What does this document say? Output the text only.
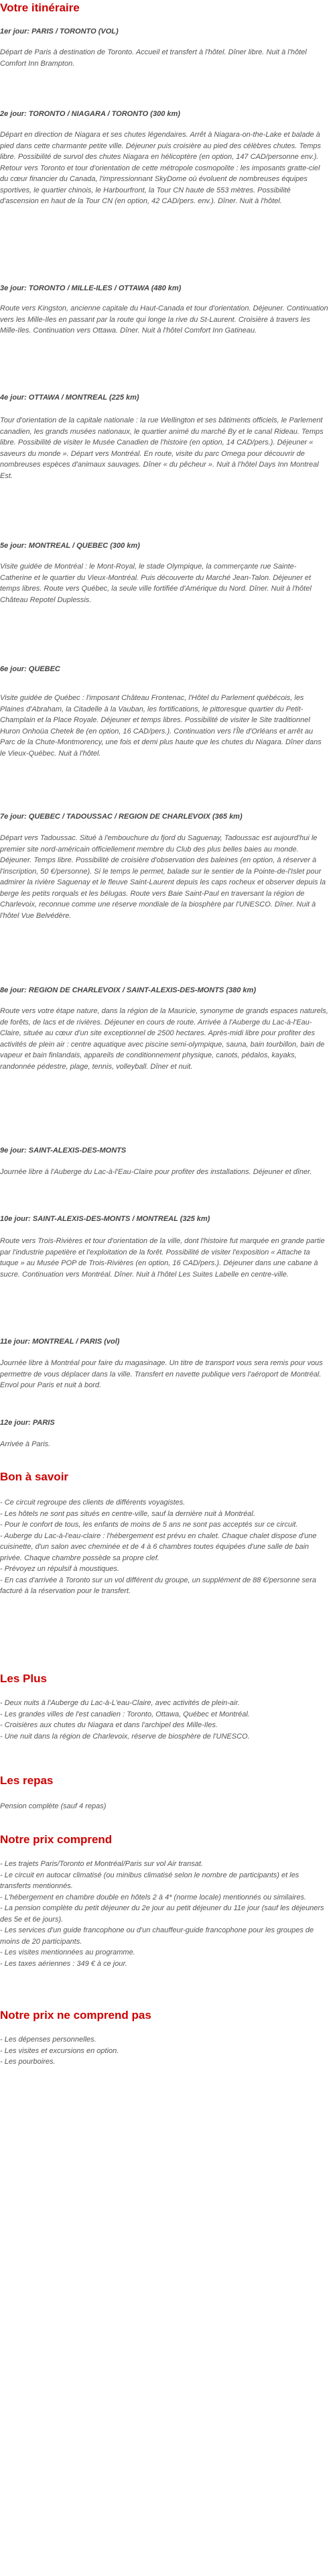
Votre itinéraire
1er jour: PARIS / TORONTO (VOL)

Départ de Paris à destination de Toronto. Accueil et transfert à l'hôtel. Dîner libre. Nuit à l'hôtel Comfort Inn Brampton.

2e jour: TORONTO / NIAGARA / TORONTO (300 km)

Départ en direction de Niagara et ses chutes légendaires. Arrêt à Niagara-on-the-Lake et balade à pied dans cette charmante petite ville. Déjeuner puis croisière au pied des célèbres chutes. Temps libre. Possibilité de survol des chutes Niagara en hélicoptère (en option, 147 CAD/personne env.). Retour vers Toronto et tour d'orientation de cette métropole cosmopolite : les imposants gratte-ciel du cœur financier du Canada, l'impressionnant SkyDome où évoluent de nombreuses équipes sportives, le quartier chinois, le Harbourfront, la Tour CN haute de 553 mètres. Possibilité d'ascension en haut de la Tour CN (en option, 42 CAD/pers. env.). Dîner. Nuit à l'hôtel.

3e jour: TORONTO / MILLE-ILES / OTTAWA (480 km)

Route vers Kingston, ancienne capitale du Haut-Canada et tour d'orientation. Déjeuner. Continuation vers les Mille-Iles en passant par la route qui longe la rive du St-Laurent. Croisière à travers les Mille-Iles. Continuation vers Ottawa. Dîner. Nuit à l'hôtel Comfort Inn Gatineau.

4e jour: OTTAWA / MONTREAL (225 km)

Tour d'orientation de la capitale nationale : la rue Wellington et ses bâtiments officiels, le Parlement canadien, les grands musées nationaux, le quartier animé du marché By et le canal Rideau. Temps libre. Possibilité de visiter le Musée Canadien de l'histoire (en option, 14 CAD/pers.). Déjeuner « saveurs du monde ». Départ vers Montréal. En route, visite du parc Omega pour découvrir de nombreuses espèces d'animaux sauvages. Dîner « du pêcheur ». Nuit à l'hôtel Days Inn Montreal Est.

5e jour: MONTREAL / QUEBEC (300 km)

Visite guidée de Montréal : le Mont-Royal, le stade Olympique, la commerçante rue Sainte-Catherine et le quartier du Vieux-Montréal. Puis découverte du Marché Jean-Talon. Déjeuner et temps libres. Route vers Québec, la seule ville fortifiée d'Amérique du Nord. Dîner. Nuit à l'hôtel Château Repotel Duplessis.

6e jour: QUEBEC

Visite guidée de Québec : l'imposant Château Frontenac, l'Hôtel du Parlement québécois, les Plaines d'Abraham, la Citadelle à la Vauban, les fortifications, le pittoresque quartier du Petit-Champlain et la Place Royale. Déjeuner et temps libres. Possibilité de visiter le Site traditionnel Huron Onhoüa Chetek 8e (en option, 16 CAD/pers.). Continuation vers l'Île d'Orléans et arrêt au Parc de la Chute-Montmorency, une fois et demi plus haute que les chutes du Niagara. Dîner dans le Vieux-Québec. Nuit à l'hôtel.

7e jour: QUEBEC / TADOUSSAC / REGION DE CHARLEVOIX (365 km)

Départ vers Tadoussac. Situé à l'embouchure du fjord du Saguenay, Tadoussac est aujourd'hui le premier site nord-américain officiellement membre du Club des plus belles baies au monde. Déjeuner. Temps libre. Possibilité de croisière d'observation des baleines (en option, à réserver à l'inscription, 50 €/personne). Si le temps le permet, balade sur le sentier de la Pointe-de-l'Islet pour admirer la rivière Saguenay et le fleuve Saint-Laurent depuis les caps rocheux et observer depuis la berge les petits rorquals et les bélugas. Route vers Baie Saint-Paul en traversant la région de Charlevoix, reconnue comme une réserve mondiale de la biosphère par l'UNESCO. Dîner. Nuit à l'hôtel Vue Belvédère.

8e jour: REGION DE CHARLEVOIX / SAINT-ALEXIS-DES-MONTS (380 km)

Route vers votre étape nature, dans la région de la Mauricie, synonyme de grands espaces naturels, de forêts, de lacs et de rivières. Déjeuner en cours de route. Arrivée à l'Auberge du Lac-à-l'Eau-Claire, située au cœur d'un site exceptionnel de 2500 hectares. Après-midi libre pour profiter des activités de plein air : centre aquatique avec piscine semi-olympique, sauna, bain tourbillon, bain de vapeur et bain finlandais, appareils de conditionnement physique, canots, pédalos, kayaks, randonnée pédestre, plage, tennis, volleyball. Dîner et nuit.

9e jour: SAINT-ALEXIS-DES-MONTS

Journée libre à l'Auberge du Lac-à-l'Eau-Claire pour profiter des installations. Déjeuner et dîner.

10e jour: SAINT-ALEXIS-DES-MONTS / MONTREAL (325 km)

Route vers Trois-Rivières et tour d'orientation de la ville, dont l'histoire fut marquée en grande partie par l'industrie papetière et l'exploitation de la forêt. Possibilité de visiter l'exposition « Attache ta tuque » au Musée POP de Trois-Rivières (en option, 16 CAD/pers.). Déjeuner dans une cabane à sucre. Continuation vers Montréal. Dîner. Nuit à l'hôtel Les Suites Labelle en centre-ville.

11e jour: MONTREAL / PARIS (vol)

Journée libre à Montréal pour faire du magasinage. Un titre de transport vous sera remis pour vous permettre de vous déplacer dans la ville. Transfert en navette publique vers l'aéroport de Montréal. Envol pour Paris et nuit à bord.

12e jour: PARIS

Arrivée à Paris.

Bon à savoir
- Ce circuit regroupe des clients de différents voyagistes.
- Les hôtels ne sont pas situés en centre-ville, sauf la dernière nuit à Montréal.
- Pour le confort de tous, les enfants de moins de 5 ans ne sont pas acceptés sur ce circuit.
- Auberge du Lac-à-l'eau-claire : l'hébergement est prévu en chalet. Chaque chalet dispose d'une cuisinette, d'un salon avec cheminée et de 4 à 6 chambres toutes équipées d'une salle de bain privée. Chaque chambre possède sa propre clef.
- Prévoyez un répulsif à moustiques.
- En cas d'arrivée à Toronto sur un vol différent du groupe, un supplément de 88 €/personne sera facturé à la réservation pour le transfert.
Les Plus
- Deux nuits à l'Auberge du Lac-à-L'eau-Claire, avec activités de plein-air.
- Les grandes villes de l'est canadien : Toronto, Ottawa, Québec et Montréal.
- Croisières aux chutes du Niagara et dans l'archipel des Mille-Iles.
- Une nuit dans la région de Charlevoix, réserve de biosphère de l'UNESCO.
Les repas

Pension complète (sauf 4 repas)

Notre prix comprend
- Les trajets Paris/Toronto et Montréal/Paris sur vol Air transat.
- Le circuit en autocar climatisé (ou minibus climatisé selon le nombre de participants) et les transferts mentionnés.
- L'hébergement en chambre double en hôtels 2 à 4* (norme locale) mentionnés ou similaires.
- La pension complète du petit déjeuner du 2e jour au petit déjeuner du 11e jour (sauf les déjeuners des 5e et 6e jours).
- Les services d'un guide francophone ou d'un chauffeur-guide francophone pour les groupes de moins de 20 participants.
- Les visites mentionnées au programme.
- Les taxes aériennes : 349 € à ce jour.
Notre prix ne comprend pas
- Les dépenses personnelles.
- Les visites et excursions en option.
- Les pourboires.
